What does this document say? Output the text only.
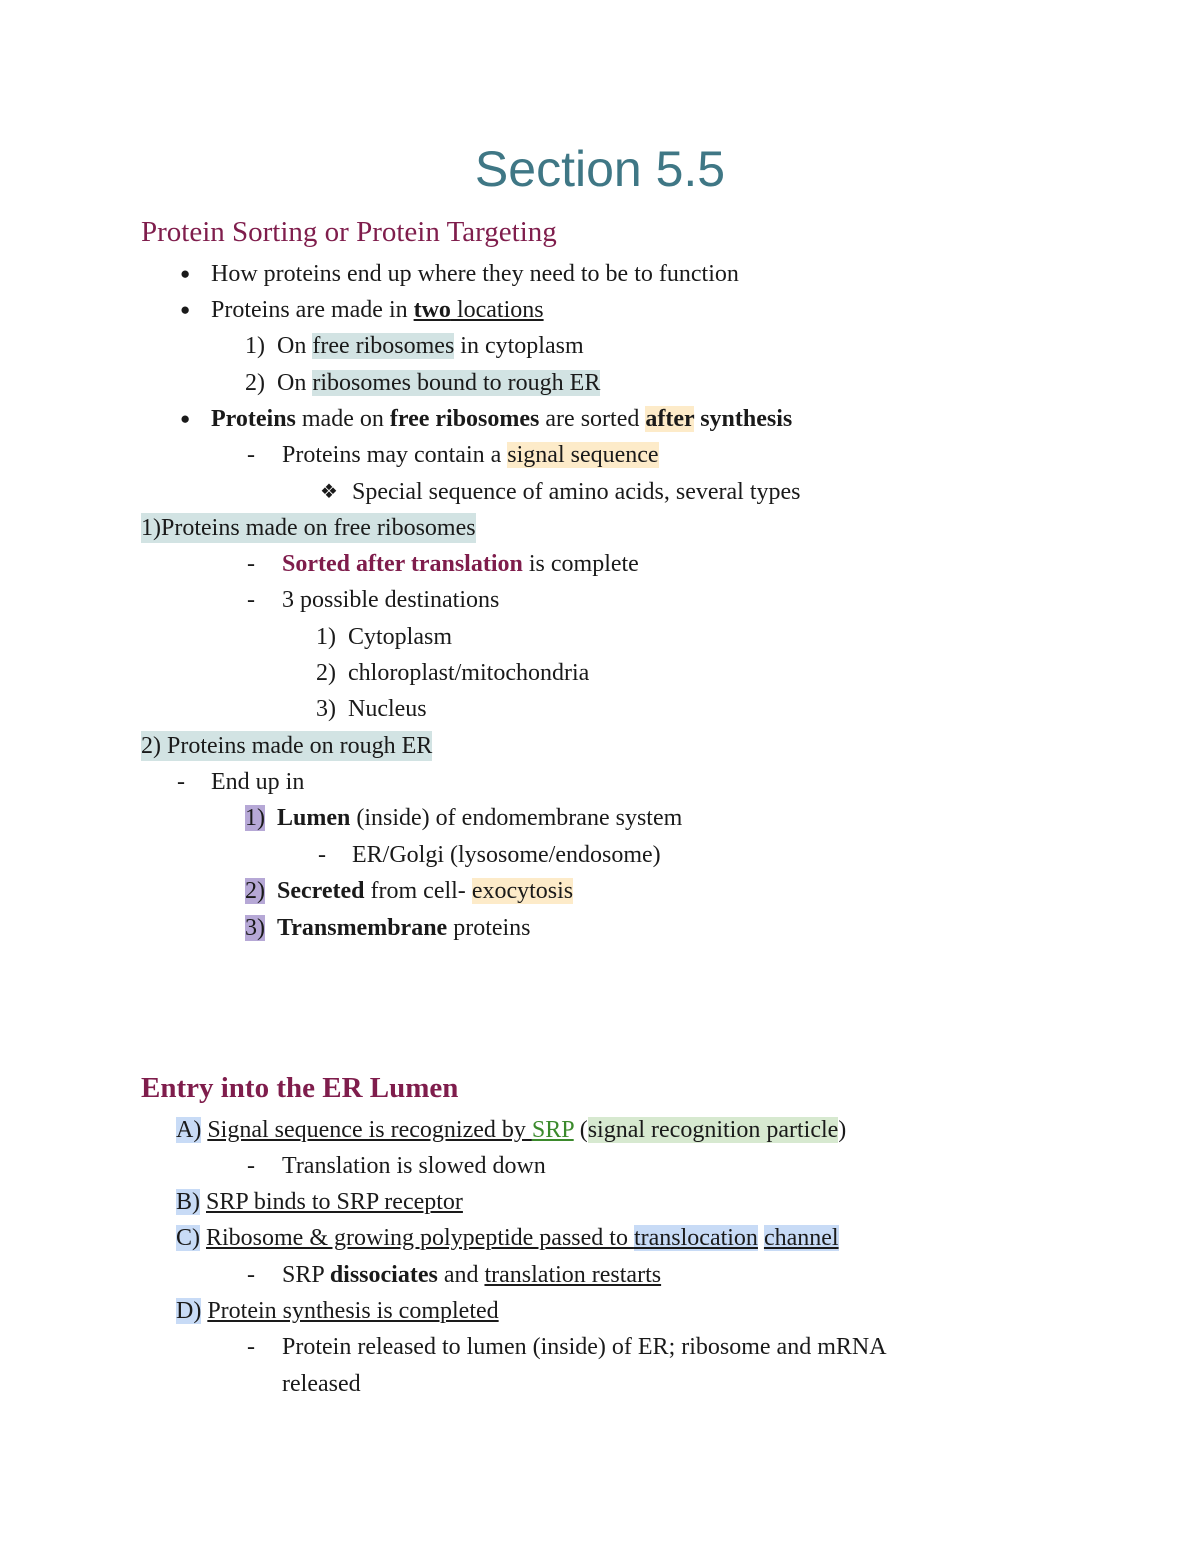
Section 5.5
Protein Sorting or Protein Targeting
● How proteins end up where they need to be to function
● Proteins are made in two locations
1) On free ribosomes in cytoplasm
2) On ribosomes bound to rough ER
● Proteins made on free ribosomes are sorted after synthesis
- Proteins may contain a signal sequence
❖ Special sequence of amino acids, several types
1)Proteins made on free ribosomes
- Sorted after translation is complete
- 3 possible destinations
1) Cytoplasm
2) chloroplast/mitochondria
3) Nucleus
2) Proteins made on rough ER
- End up in
1) Lumen (inside) of endomembrane system
- ER/Golgi (lysosome/endosome)
2) Secreted from cell- exocytosis
3) Transmembrane proteins
Entry into the ER Lumen
A) Signal sequence is recognized by SRP (signal recognition particle)
- Translation is slowed down
B) SRP binds to SRP receptor
C) Ribosome & growing polypeptide passed to translocation channel
- SRP dissociates and translation restarts
D) Protein synthesis is completed
- Protein released to lumen (inside) of ER; ribosome and mRNA
released
